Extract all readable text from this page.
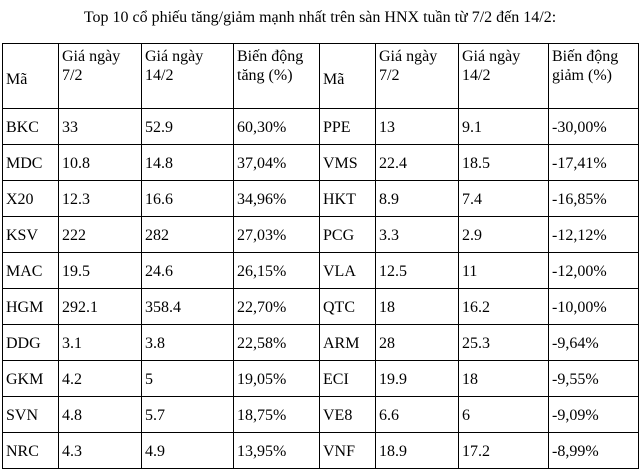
Top 10 cổ phiếu tăng/giảm mạnh nhất trên sàn HNX tuần từ 7/2 đến 14/2:
Mã	Giá ngày 7/2	Giá ngày 14/2	Biến động tăng (%)	Mã	Giá ngày 7/2	Giá ngày 14/2	Biến động giảm (%)
BKC	33	52.9	60,30%	PPE	13	9.1	-30,00%
MDC	10.8	14.8	37,04%	VMS	22.4	18.5	-17,41%
X20	12.3	16.6	34,96%	HKT	8.9	7.4	-16,85%
KSV	222	282	27,03%	PCG	3.3	2.9	-12,12%
MAC	19.5	24.6	26,15%	VLA	12.5	11	-12,00%
HGM	292.1	358.4	22,70%	QTC	18	16.2	-10,00%
DDG	3.1	3.8	22,58%	ARM	28	25.3	-9,64%
GKM	4.2	5	19,05%	ECI	19.9	18	-9,55%
SVN	4.8	5.7	18,75%	VE8	6.6	6	-9,09%
NRC	4.3	4.9	13,95%	VNF	18.9	17.2	-8,99%
